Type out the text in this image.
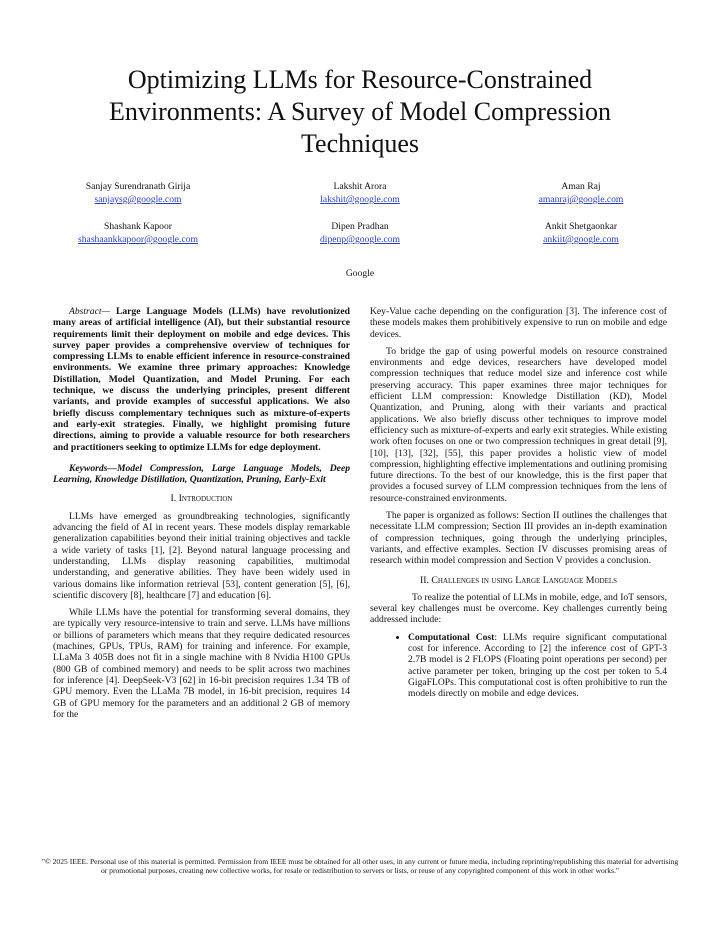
Optimizing LLMs for Resource-Constrained Environments: A Survey of Model Compression Techniques
Sanjay Surendranath Girija
sanjaysg@google.com
Lakshit Arora
lakshit@google.com
Aman Raj
amanraj@google.com
Shashank Kapoor
shashaankkapoor@google.com
Dipen Pradhan
dipenp@google.com
Ankit Shetgaonkar
ankiit@google.com
Google

Abstract— Large Language Models (LLMs) have revolutionized many areas of artificial intelligence (AI), but their substantial resource requirements limit their deployment on mobile and edge devices. This survey paper provides a comprehensive overview of techniques for compressing LLMs to enable efficient inference in resource-constrained environments. We examine three primary approaches: Knowledge Distillation, Model Quantization, and Model Pruning. For each technique, we discuss the underlying principles, present different variants, and provide examples of successful applications. We also briefly discuss complementary techniques such as mixture-of-experts and early-exit strategies. Finally, we highlight promising future directions, aiming to provide a valuable resource for both researchers and practitioners seeking to optimize LLMs for edge deployment.

Keywords—Model Compression, Large Language Models, Deep Learning, Knowledge Distillation, Quantization, Pruning, Early-Exit

I. Introduction

LLMs have emerged as groundbreaking technologies, significantly advancing the field of AI in recent years. These models display remarkable generalization capabilities beyond their initial training objectives and tackle a wide variety of tasks [1], [2]. Beyond natural language processing and understanding, LLMs display reasoning capabilities, multimodal understanding, and generative abilities. They have been widely used in various domains like information retrieval [53], content generation [5], [6], scientific discovery [8], healthcare [7] and education [6].

While LLMs have the potential for transforming several domains, they are typically very resource-intensive to train and serve. LLMs have millions or billions of parameters which means that they require dedicated resources (machines, GPUs, TPUs, RAM) for training and inference. For example, LLaMa 3 405B does not fit in a single machine with 8 Nvidia H100 GPUs (800 GB of combined memory) and needs to be split across two machines for inference [4]. DeepSeek-V3 [62] in 16-bit precision requires 1.34 TB of GPU memory. Even the LLaMa 7B model, in 16-bit precision, requires 14 GB of GPU memory for the parameters and an additional 2 GB of memory for the

Key-Value cache depending on the configuration [3]. The inference cost of these models makes them prohibitively expensive to run on mobile and edge devices.

To bridge the gap of using powerful models on resource constrained environments and edge devices, researchers have developed model compression techniques that reduce model size and inference cost while preserving accuracy. This paper examines three major techniques for efficient LLM compression: Knowledge Distillation (KD), Model Quantization, and Pruning, along with their variants and practical applications. We also briefly discuss other techniques to improve model efficiency such as mixture-of-experts and early exit strategies. While existing work often focuses on one or two compression techniques in great detail [9], [10], [13], [32], [55], this paper provides a holistic view of model compression, highlighting effective implementations and outlining promising future directions. To the best of our knowledge, this is the first paper that provides a focused survey of LLM compression techniques from the lens of resource-constrained environments.

The paper is organized as follows: Section II outlines the challenges that necessitate LLM compression; Section III provides an in-depth examination of compression techniques, going through the underlying principles, variants, and effective examples. Section IV discusses promising areas of research within model compression and Section V provides a conclusion.

II. Challenges in using Large Language Models

To realize the potential of LLMs in mobile, edge, and IoT sensors, several key challenges must be overcome. Key challenges currently being addressed include:

• Computational Cost: LLMs require significant computational cost for inference. According to [2] the inference cost of GPT-3 2.7B model is 2 FLOPS (Floating point operations per second) per active parameter per token, bringing up the cost per token to 5.4 GigaFLOPs. This computational cost is often prohibitive to run the models directly on mobile and edge devices.
"© 2025 IEEE. Personal use of this material is permitted. Permission from IEEE must be obtained for all other uses, in any current or future media, including reprinting/republishing this material for advertising or promotional purposes, creating new collective works, for resale or redistribution to servers or lists, or reuse of any copyrighted component of this work in other works."
